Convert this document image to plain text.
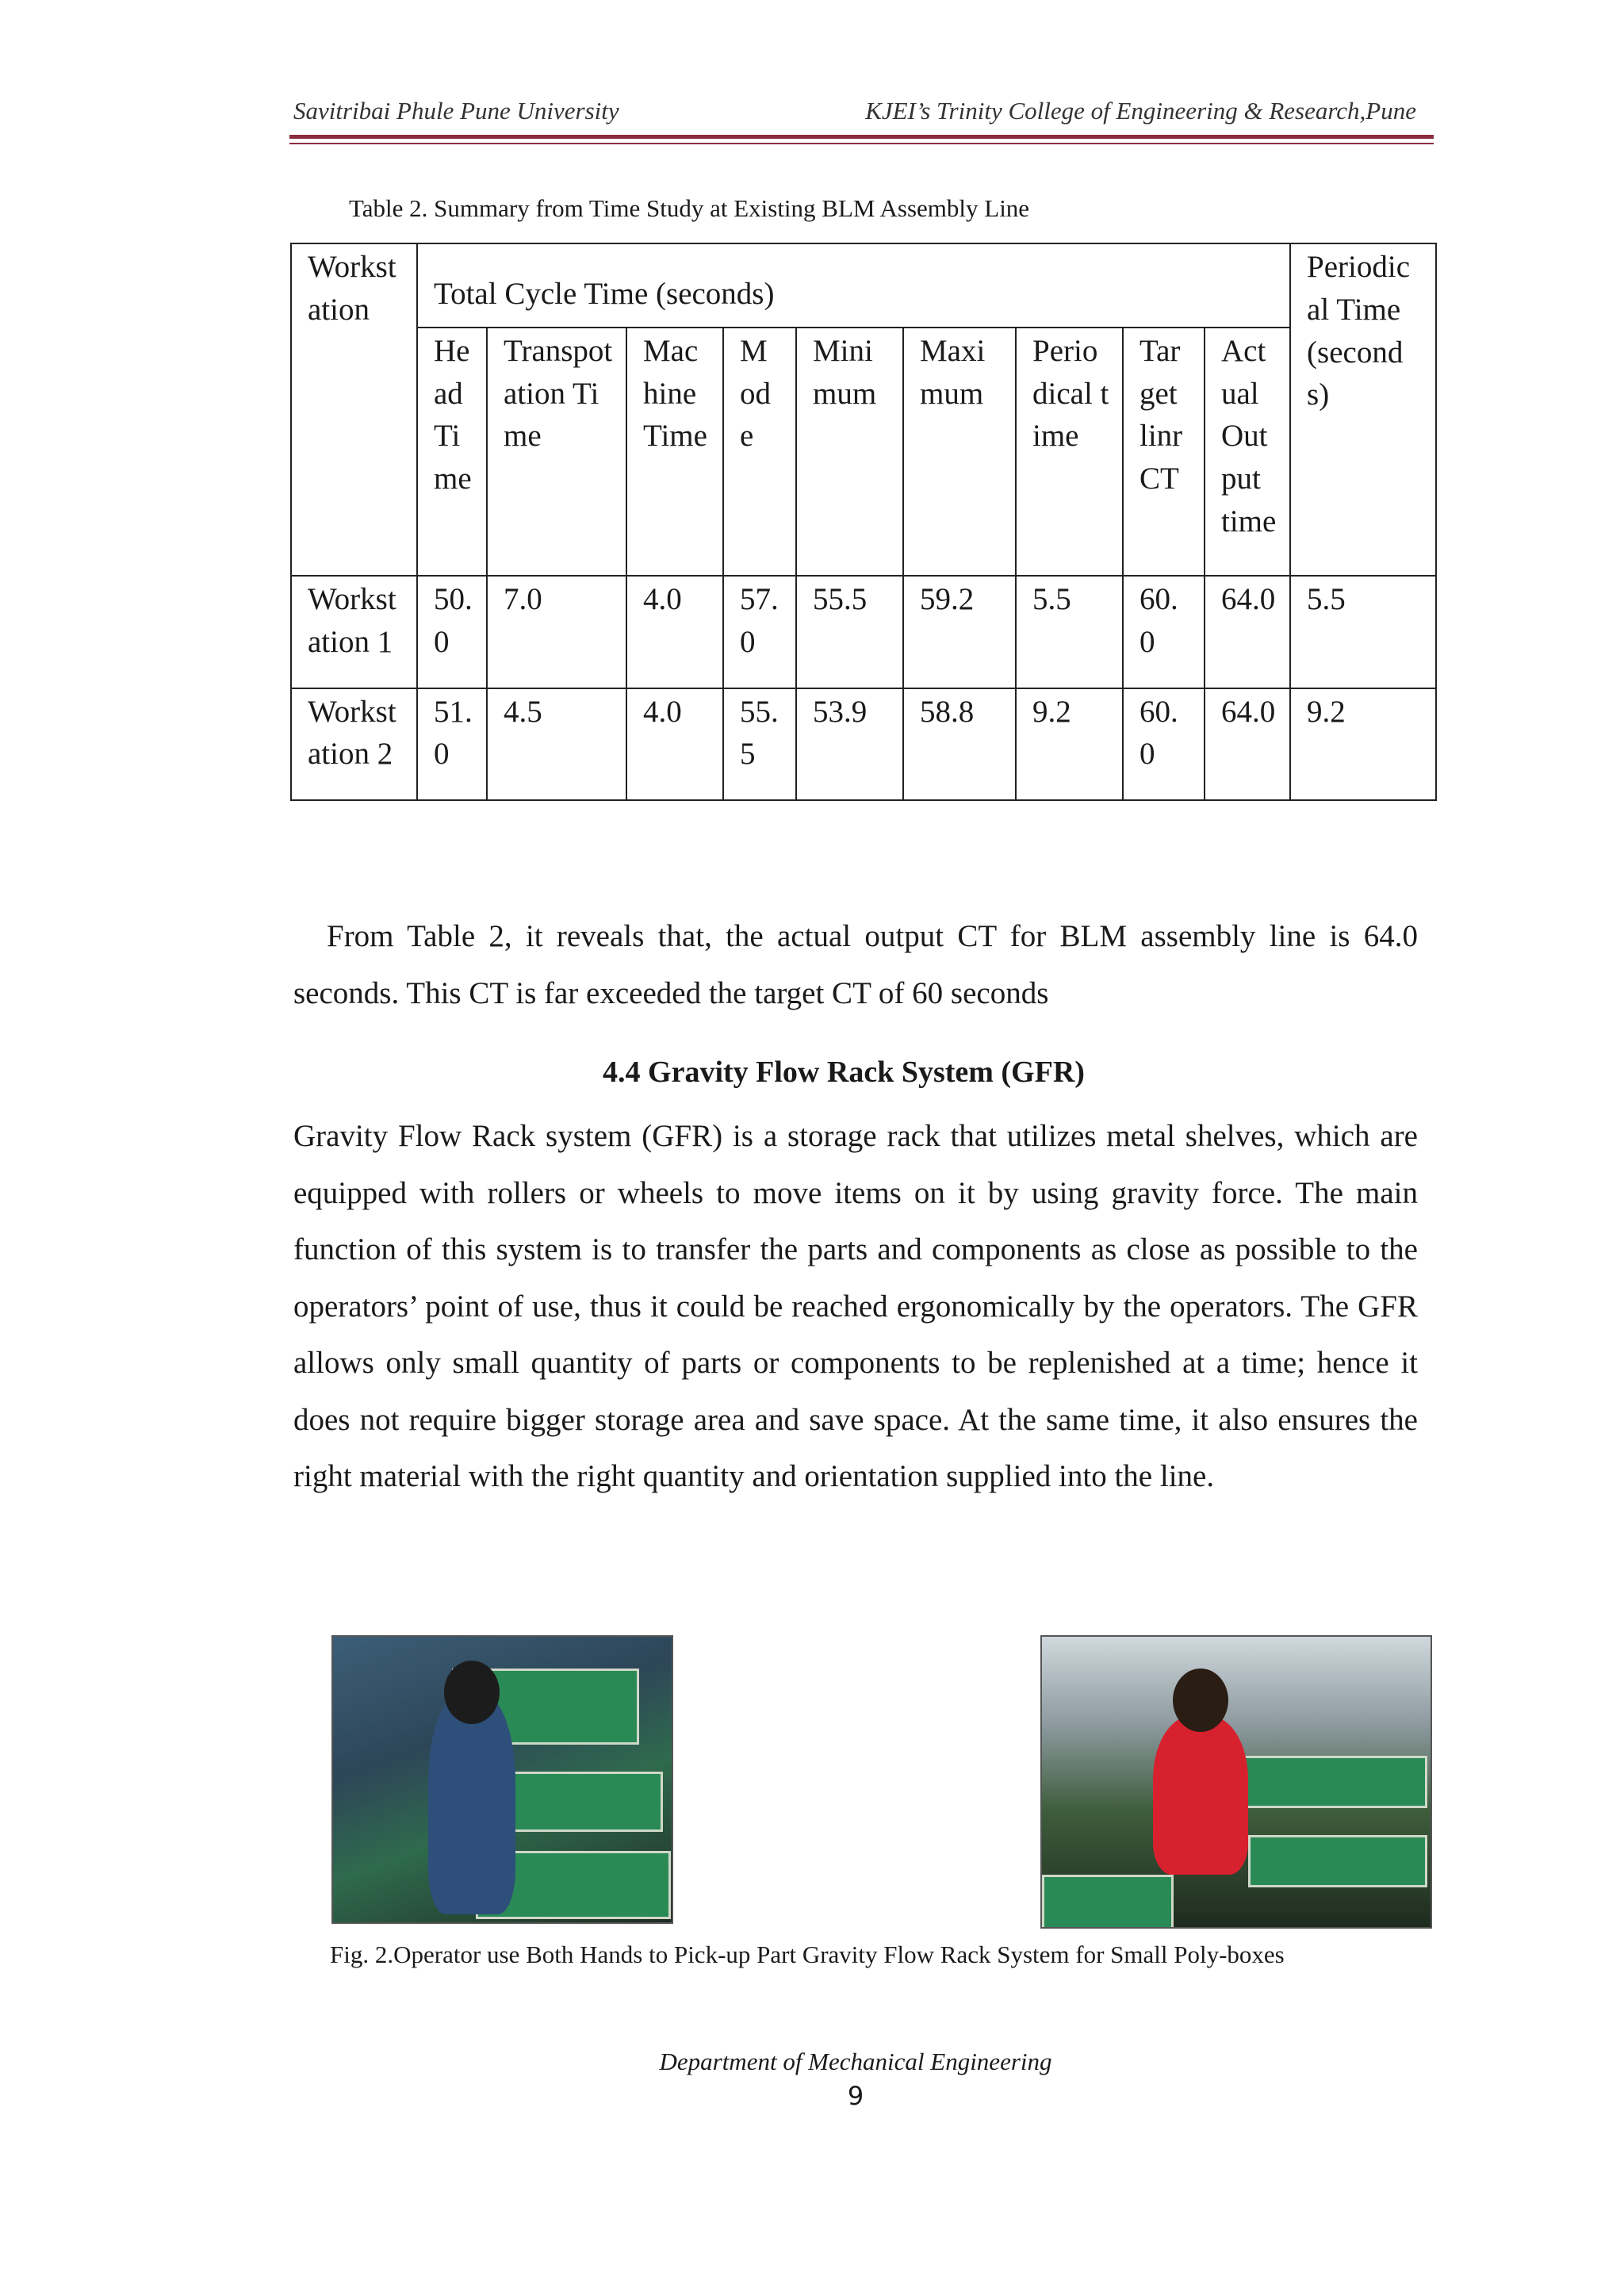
Savitribai Phule Pune University	KJEI’s Trinity College of Engineering & Research,Pune
Table 2. Summary from Time Study at Existing BLM Assembly Line
Workstation	Total Cycle Time (seconds)									Periodical Time(seconds)
	Head Time	Transpotation Time	Machine Time	Mode	Minimum	Maximum	Periodical time	Target linr CT	Actual Output time	
Workstation 1	50.0	7.0	4.0	57.0	55.5	59.2	5.5	60.0	64.0	5.5
Workstation 2	51.0	4.5	4.0	55.5	53.9	58.8	9.2	60.0	64.0	9.2
From Table 2, it reveals that, the actual output CT for BLM assembly line is 64.0 seconds. This CT is far exceeded the target CT of 60 seconds
4.4 Gravity Flow Rack System (GFR)
Gravity Flow Rack system (GFR) is a storage rack that utilizes metal shelves, which are equipped with rollers or wheels to move items on it by using gravity force. The main function of this system is to transfer the parts and components as close as possible to the operators’ point of use, thus it could be reached ergonomically by the operators. The GFR allows only small quantity of parts or components to be replenished at a time; hence it does not require bigger storage area and save space. At the same time, it also ensures the right material with the right quantity and orientation supplied into the line.
Fig. 2.Operator use Both Hands to Pick-up Part Gravity Flow Rack System for Small Poly-boxes
Department of Mechanical Engineering
9
